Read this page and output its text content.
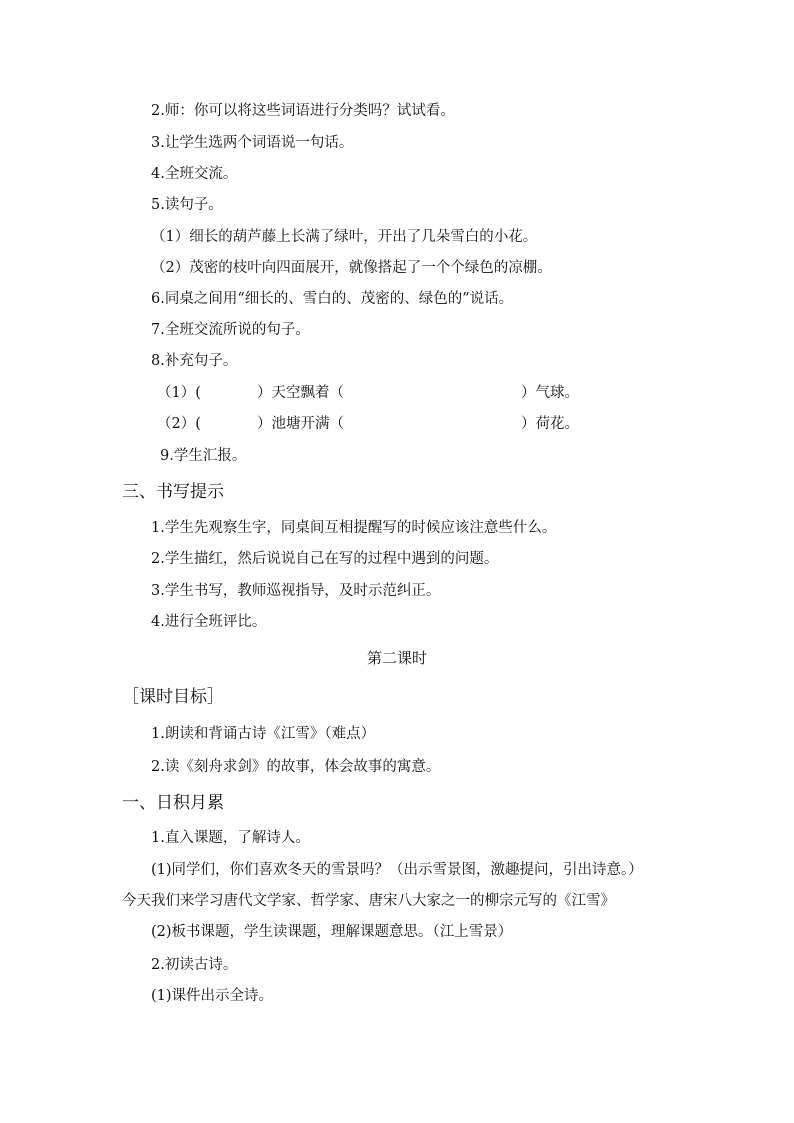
2.师：你可以将这些词语进行分类吗？试试看。
3.让学生选两个词语说一句话。
4.全班交流。
5.读句子。
（1）细长的葫芦藤上长满了绿叶，开出了几朵雪白的小花。
（2）茂密的枝叶向四面展开，就像搭起了一个个绿色的凉棚。
6.同桌之间用“细长的、雪白的、茂密的、绿色的”说话。
7.全班交流所说的句子。
8.补充句子。
（1）(	）天空飘着（	）气球。
（2）(	）池塘开满（	）荷花。
9.学生汇报。
三、书写提示
1.学生先观察生字，同桌间互相提醒写的时候应该注意些什么。
2.学生描红，然后说说自己在写的过程中遇到的问题。
3.学生书写，教师巡视指导，及时示范纠正。
4.进行全班评比。
第二课时
［课时目标］
1.朗读和背诵古诗《江雪》（难点）
2.读《刻舟求剑》的故事，体会故事的寓意。
一、日积月累
1.直入课题，了解诗人。
(1)同学们，你们喜欢冬天的雪景吗？（出示雪景图，激趣提问，引出诗意。）
今天我们来学习唐代文学家、哲学家、唐宋八大家之一的柳宗元写的《江雪》
(2)板书课题，学生读课题，理解课题意思。（江上雪景）
2.初读古诗。
(1)课件出示全诗。
